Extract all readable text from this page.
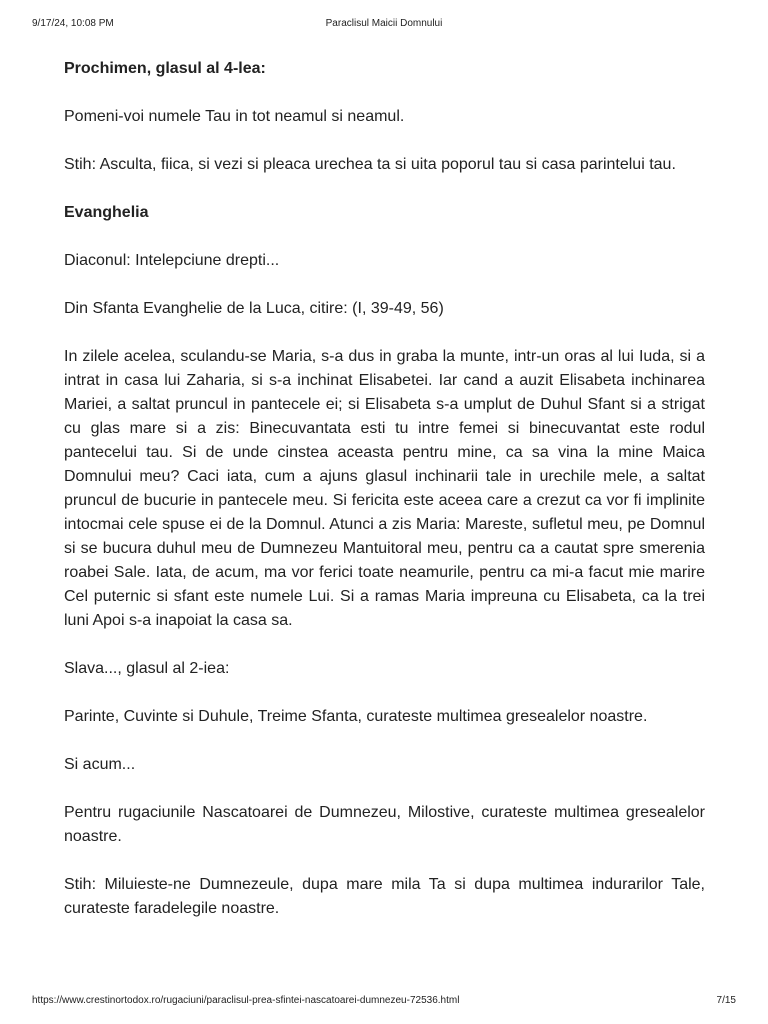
9/17/24, 10:08 PM	Paraclisul Maicii Domnului

Prochimen, glasul al 4-lea:

Pomeni-voi numele Tau in tot neamul si neamul.

Stih: Asculta, fiica, si vezi si pleaca urechea ta si uita poporul tau si casa parintelui tau.

Evanghelia

Diaconul: Intelepciune drepti...

Din Sfanta Evanghelie de la Luca, citire: (I, 39-49, 56)

In zilele acelea, sculandu-se Maria, s-a dus in graba la munte, intr-un oras al lui Iuda, si a intrat in casa lui Zaharia, si s-a inchinat Elisabetei. Iar cand a auzit Elisabeta inchinarea Mariei, a saltat pruncul in pantecele ei; si Elisabeta s-a umplut de Duhul Sfant si a strigat cu glas mare si a zis: Binecuvantata esti tu intre femei si binecuvantat este rodul pantecelui tau. Si de unde cinstea aceasta pentru mine, ca sa vina la mine Maica Domnului meu? Caci iata, cum a ajuns glasul inchinarii tale in urechile mele, a saltat pruncul de bucurie in pantecele meu. Si fericita este aceea care a crezut ca vor fi implinite intocmai cele spuse ei de la Domnul. Atunci a zis Maria: Mareste, sufletul meu, pe Domnul si se bucura duhul meu de Dumnezeu Mantuitoral meu, pentru ca a cautat spre smerenia roabei Sale. Iata, de acum, ma vor ferici toate neamurile, pentru ca mi-a facut mie marire Cel puternic si sfant este numele Lui. Si a ramas Maria impreuna cu Elisabeta, ca la trei luni Apoi s-a inapoiat la casa sa.

Slava..., glasul al 2-iea:

Parinte, Cuvinte si Duhule, Treime Sfanta, curateste multimea gresealelor noastre.

Si acum...

Pentru rugaciunile Nascatoarei de Dumnezeu, Milostive, curateste multimea gresealelor noastre.

Stih: Miluieste-ne Dumnezeule, dupa mare mila Ta si dupa multimea indurarilor Tale, curateste faradelegile noastre.

https://www.crestinortodox.ro/rugaciuni/paraclisul-prea-sfintei-nascatoarei-dumnezeu-72536.html	7/15
